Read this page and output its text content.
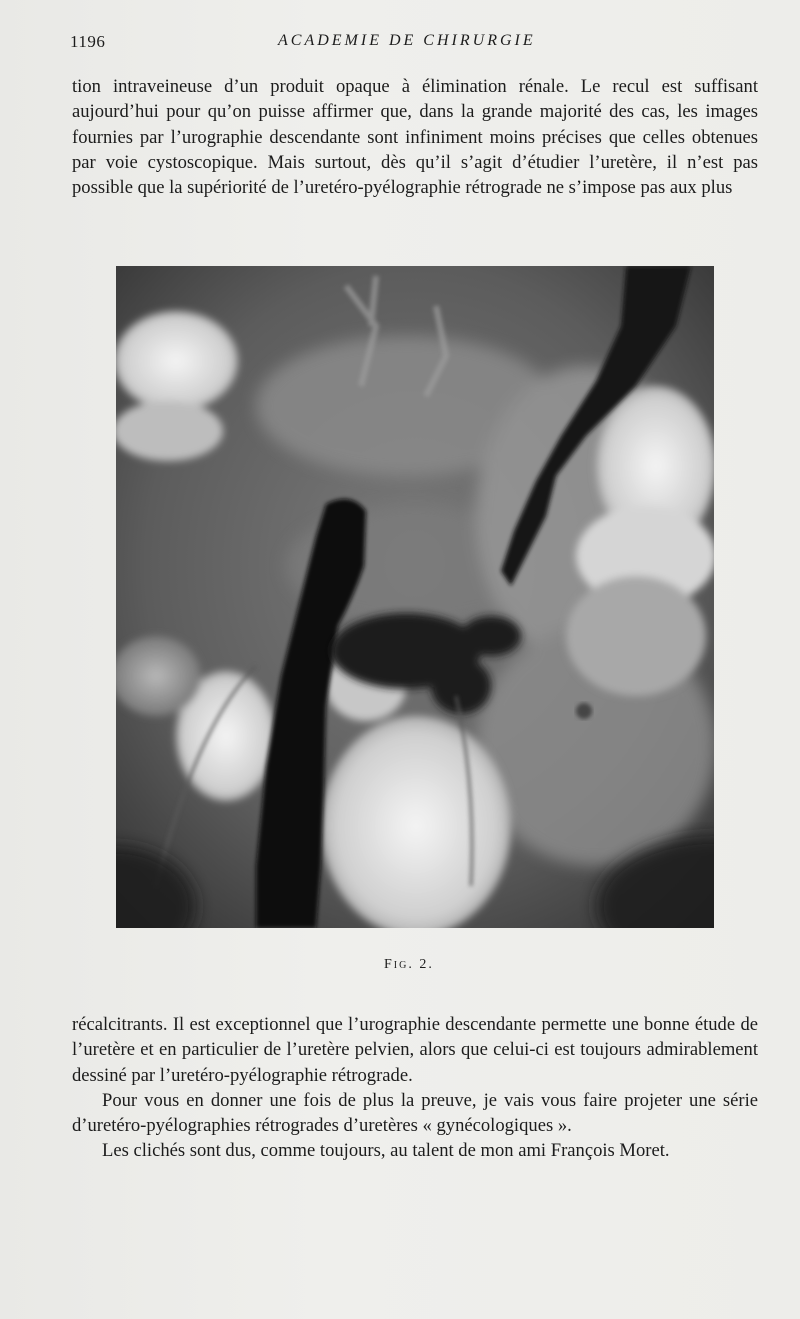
1196	ACADEMIE DE CHIRURGIE

tion intraveineuse d’un produit opaque à élimination rénale. Le recul est suffisant aujourd’hui pour qu’on puisse affirmer que, dans la grande majorité des cas, les images fournies par l’urographie descendante sont infiniment moins précises que celles obtenues par voie cystoscopique. Mais surtout, dès qu’il s’agit d’étudier l’uretère, il n’est pas possible que la supériorité de l’uretéro-pyélographie rétrograde ne s’impose pas aux plus

Fig. 2.

récalcitrants. Il est exceptionnel que l’urographie descendante permette une bonne étude de l’uretère et en particulier de l’uretère pelvien, alors que celui-ci est toujours admirablement dessiné par l’uretéro-pyélographie rétrograde.

Pour vous en donner une fois de plus la preuve, je vais vous faire projeter une série d’uretéro-pyélographies rétrogrades d’uretères « gynécologiques ».

Les clichés sont dus, comme toujours, au talent de mon ami François Moret.
